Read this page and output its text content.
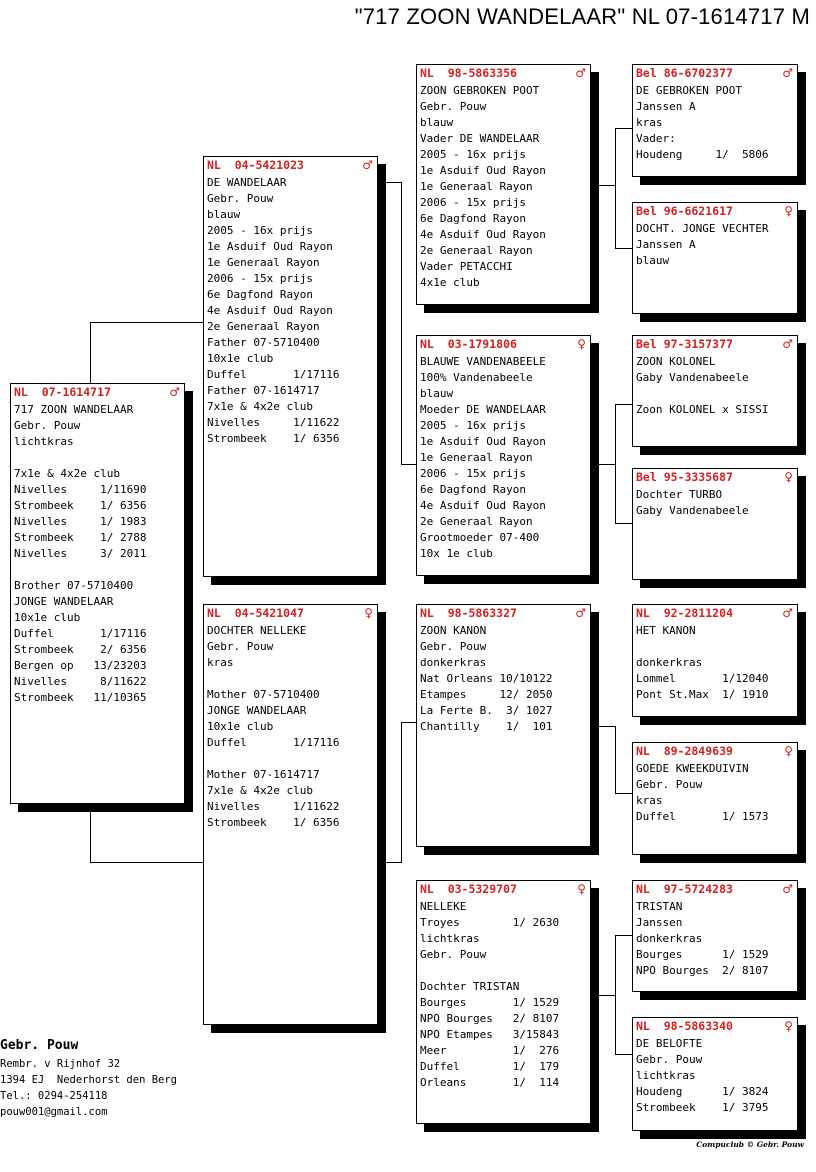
"717 ZOON WANDELAAR" NL 07-1614717 M
NL  07-1614717	♂
717 ZOON WANDELAAR
Gebr. Pouw
lichtkras
7x1e & 4x2e club
Nivelles     1/11690
Strombeek    1/ 6356
Nivelles     1/ 1983
Strombeek    1/ 2788
Nivelles     3/ 2011
Brother 07-5710400
JONGE WANDELAAR
10x1e club
Duffel       1/17116
Strombeek    2/ 6356
Bergen op   13/23203
Nivelles     8/11622
Strombeek   11/10365
NL  04-5421023	♂
DE WANDELAAR
Gebr. Pouw
blauw
2005 - 16x prijs
1e Asduif Oud Rayon
1e Generaal Rayon
2006 - 15x prijs
6e Dagfond Rayon
4e Asduif Oud Rayon
2e Generaal Rayon
Father 07-5710400
10x1e club
Duffel       1/17116
Father 07-1614717
7x1e & 4x2e club
Nivelles     1/11622
Strombeek    1/ 6356
NL  04-5421047	♀
DOCHTER NELLEKE
Gebr. Pouw
kras
Mother 07-5710400
JONGE WANDELAAR
10x1e club
Duffel       1/17116
Mother 07-1614717
7x1e & 4x2e club
Nivelles     1/11622
Strombeek    1/ 6356
NL  98-5863356	♂
ZOON GEBROKEN POOT
Gebr. Pouw
blauw
Vader DE WANDELAAR
2005 - 16x prijs
1e Asduif Oud Rayon
1e Generaal Rayon
2006 - 15x prijs
6e Dagfond Rayon
4e Asduif Oud Rayon
2e Generaal Rayon
Vader PETACCHI
4x1e club
NL  03-1791806	♀
BLAUWE VANDENABEELE
100% Vandenabeele
blauw
Moeder DE WANDELAAR
2005 - 16x prijs
1e Asduif Oud Rayon
1e Generaal Rayon
2006 - 15x prijs
6e Dagfond Rayon
4e Asduif Oud Rayon
2e Generaal Rayon
Grootmoeder 07-400
10x 1e club
NL  98-5863327	♂
ZOON KANON
Gebr. Pouw
donkerkras
Nat Orleans 10/10122
Etampes     12/ 2050
La Ferte B.  3/ 1027
Chantilly    1/  101
NL  03-5329707	♀
NELLEKE
Troyes        1/ 2630
lichtkras
Gebr. Pouw
Dochter TRISTAN
Bourges       1/ 1529
NPO Bourges   2/ 8107
NPO Etampes   3/15843
Meer          1/  276
Duffel        1/  179
Orleans       1/  114
Bel 86-6702377	♂
DE GEBROKEN POOT
Janssen A
kras
Vader:
Houdeng     1/  5806
Bel 96-6621617	♀
DOCHT. JONGE VECHTER
Janssen A
blauw
Bel 97-3157377	♂
ZOON KOLONEL
Gaby Vandenabeele
Zoon KOLONEL x SISSI
Bel 95-3335687	♀
Dochter TURBO
Gaby Vandenabeele
NL  92-2811204	♂
HET KANON
donkerkras
Lommel       1/12040
Pont St.Max  1/ 1910
NL  89-2849639	♀
GOEDE KWEEKDUIVIN
Gebr. Pouw
kras
Duffel       1/ 1573
NL  97-5724283	♂
TRISTAN
Janssen
donkerkras
Bourges      1/ 1529
NPO Bourges  2/ 8107
NL  98-5863340	♀
DE BELOFTE
Gebr. Pouw
lichtkras
Houdeng      1/ 3824
Strombeek    1/ 3795
Gebr. Pouw
Rembr. v Rijnhof 32
1394 EJ  Nederhorst den Berg
Tel.: 0294-254118
pouw001@gmail.com
Compuclub © Gebr. Pouw
